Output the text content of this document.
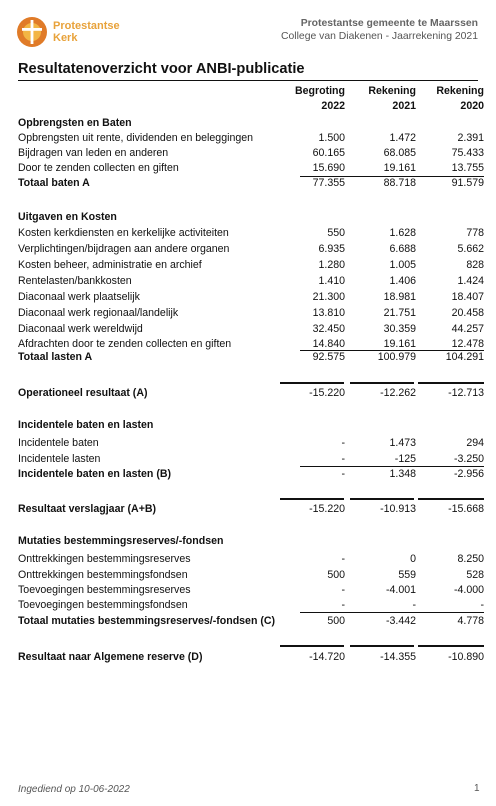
Protestantse
Kerk
Protestantse gemeente te Maarssen
College van Diakenen - Jaarrekening 2021
Resultatenoverzicht voor ANBI-publicatie
Begroting
2022
Rekening
2021
Rekening
2020
Opbrengsten en Baten
Opbrengsten uit rente, dividenden en beleggingen	1.500	1.472	2.391
Bijdragen van leden en anderen	60.165	68.085	75.433
Door te zenden collecten en giften	15.690	19.161	13.755
Totaal baten A	77.355	88.718	91.579
Uitgaven en Kosten
Kosten kerkdiensten en kerkelijke activiteiten	550	1.628	778
Verplichtingen/bijdragen aan andere organen	6.935	6.688	5.662
Kosten beheer, administratie en archief	1.280	1.005	828
Rentelasten/bankkosten	1.410	1.406	1.424
Diaconaal werk plaatselijk	21.300	18.981	18.407
Diaconaal werk regionaal/landelijk	13.810	21.751	20.458
Diaconaal werk wereldwijd	32.450	30.359	44.257
Afdrachten door te zenden collecten en giften	14.840	19.161	12.478
Totaal lasten A	92.575	100.979	104.291
Operationeel resultaat (A)	-15.220	-12.262	-12.713
Incidentele baten en lasten
Incidentele baten	-	1.473	294
Incidentele lasten	-	-125	-3.250
Incidentele baten en lasten (B)	-	1.348	-2.956
Resultaat verslagjaar (A+B)	-15.220	-10.913	-15.668
Mutaties bestemmingsreserves/-fondsen
Onttrekkingen bestemmingsreserves	-	0	8.250
Onttrekkingen bestemmingsfondsen	500	559	528
Toevoegingen bestemmingsreserves	-	-4.001	-4.000
Toevoegingen bestemmingsfondsen	-	-	-
Totaal mutaties bestemmingsreserves/-fondsen (C)	500	-3.442	4.778
Resultaat naar Algemene reserve (D)	-14.720	-14.355	-10.890
Ingediend op 10-06-2022	1
